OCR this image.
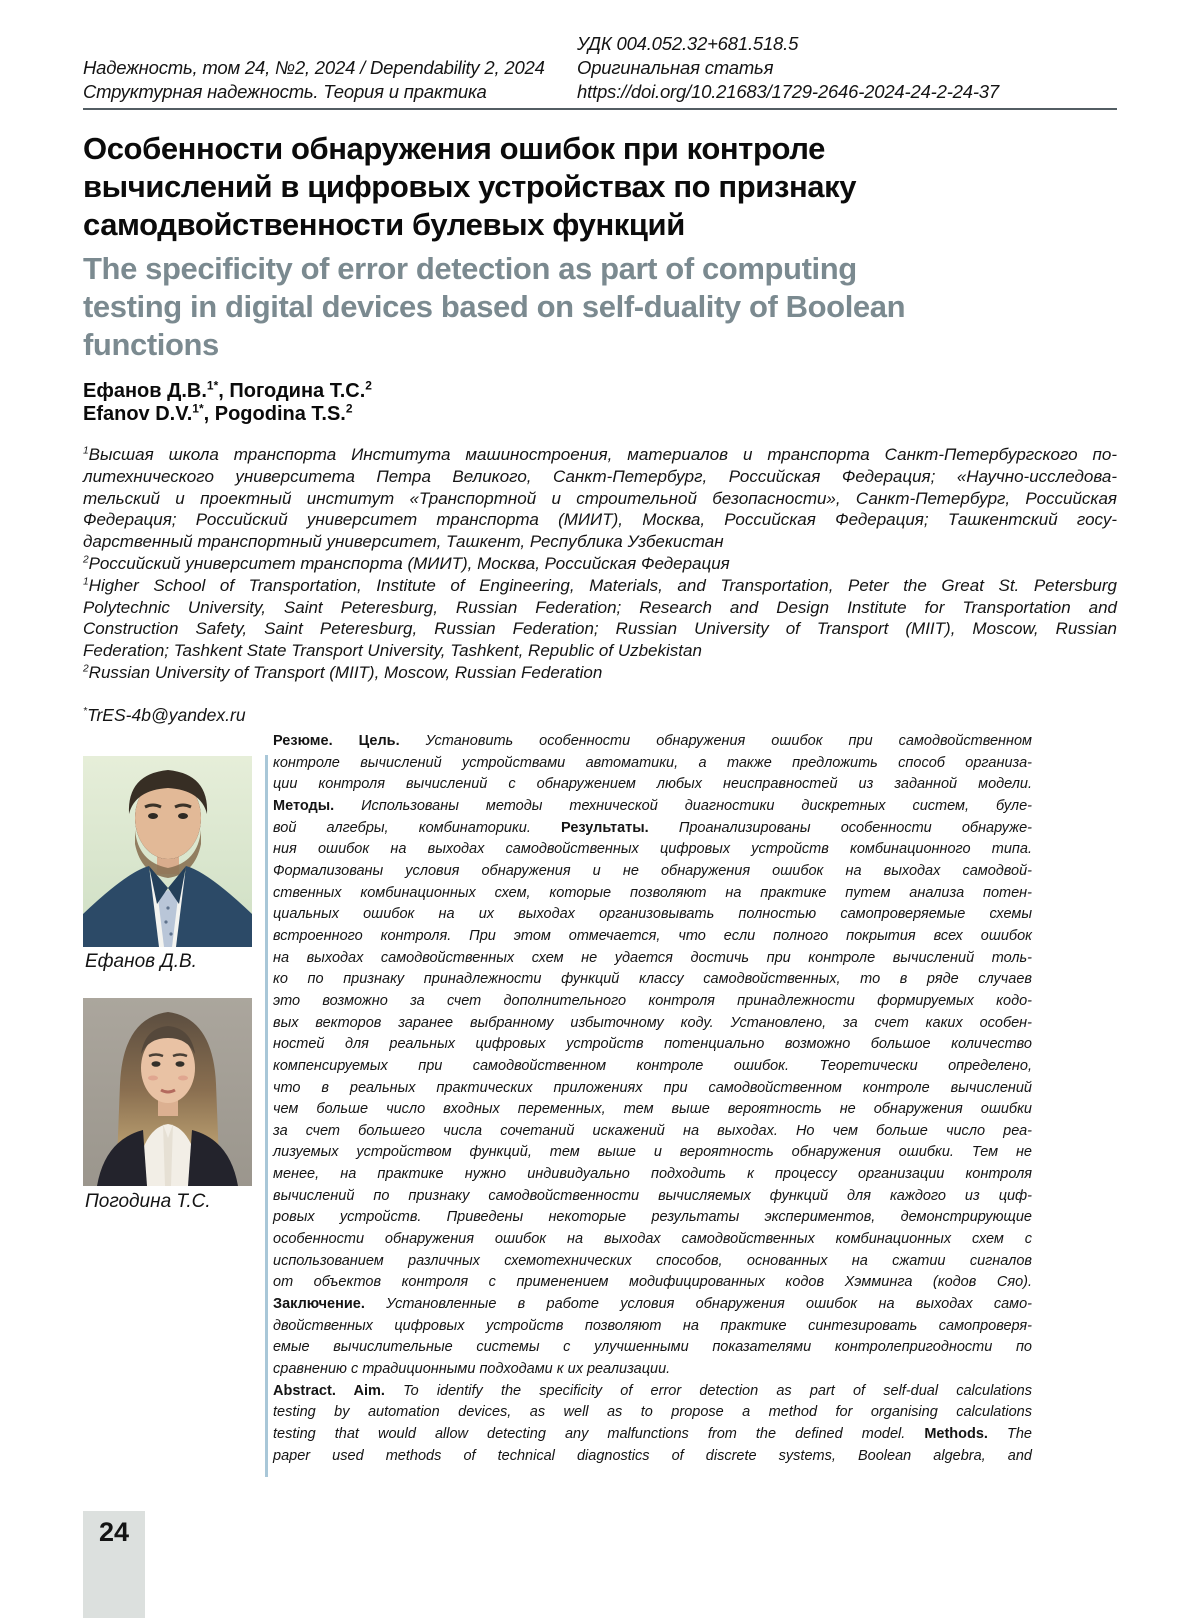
Надежность, том 24, №2, 2024 / Dependability 2, 2024
Структурная надежность. Теория и практика
УДК 004.052.32+681.518.5
Оригинальная статья
https://doi.org/10.21683/1729-2646-2024-24-2-24-37
Особенности обнаружения ошибок при контроле
вычислений в цифровых устройствах по признаку
самодвойственности булевых функций
The specificity of error detection as part of computing
testing in digital devices based on self-duality of Boolean
functions
Ефанов Д.В.$^{1*}$, Погодина Т.С.$^2$
Efanov D.V.$^{1*}$, Pogodina T.S.$^2$
$^1$Высшая школа транспорта Института машиностроения, материалов и транспорта Санкт-Петербургского по-
литехнического университета Петра Великого, Санкт-Петербург, Российская Федерация; «Научно-исследова-
тельский и проектный институт «Транспортной и строительной безопасности», Санкт-Петербург, Российская
Федерация; Российский университет транспорта (МИИТ), Москва, Российская Федерация; Ташкентский госу-
дарственный транспортный университет, Ташкент, Республика Узбекистан
$^2$Российский университет транспорта (МИИТ), Москва, Российская Федерация
$^1$Higher School of Transportation, Institute of Engineering, Materials, and Transportation, Peter the Great St. Petersburg
Polytechnic University, Saint Peteresburg, Russian Federation; Research and Design Institute for Transportation and
Construction Safety, Saint Peteresburg, Russian Federation; Russian University of Transport (MIIT), Moscow, Russian
Federation; Tashkent State Transport University, Tashkent, Republic of Uzbekistan
$^2$Russian University of Transport (MIIT), Moscow, Russian Federation
*TrES-4b@yandex.ru
Ефанов Д.В.
Погодина Т.С.
Резюме. Цель. Установить особенности обнаружения ошибок при самодвойственном
контроле вычислений устройствами автоматики, а также предложить способ организа-
ции контроля вычислений с обнаружением любых неисправностей из заданной модели.
Методы. Использованы методы технической диагностики дискретных систем, буле-
вой алгебры, комбинаторики. Результаты. Проанализированы особенности обнаруже-
ния ошибок на выходах самодвойственных цифровых устройств комбинационного типа.
Формализованы условия обнаружения и не обнаружения ошибок на выходах самодвой-
ственных комбинационных схем, которые позволяют на практике путем анализа потен-
циальных ошибок на их выходах организовывать полностью самопроверяемые схемы
встроенного контроля. При этом отмечается, что если полного покрытия всех ошибок
на выходах самодвойственных схем не удается достичь при контроле вычислений толь-
ко по признаку принадлежности функций классу самодвойственных, то в ряде случаев
это возможно за счет дополнительного контроля принадлежности формируемых кодо-
вых векторов заранее выбранному избыточному коду. Установлено, за счет каких особен-
ностей для реальных цифровых устройств потенциально возможно большое количество
компенсируемых при самодвойственном контроле ошибок. Теоретически определено,
что в реальных практических приложениях при самодвойственном контроле вычислений
чем больше число входных переменных, тем выше вероятность не обнаружения ошибки
за счет большего числа сочетаний искажений на выходах. Но чем больше число реа-
лизуемых устройством функций, тем выше и вероятность обнаружения ошибки. Тем не
менее, на практике нужно индивидуально подходить к процессу организации контроля
вычислений по признаку самодвойственности вычисляемых функций для каждого из циф-
ровых устройств. Приведены некоторые результаты экспериментов, демонстрирующие
особенности обнаружения ошибок на выходах самодвойственных комбинационных схем с
использованием различных схемотехнических способов, основанных на сжатии сигналов
от объектов контроля с применением модифицированных кодов Хэмминга (кодов Сяо).
Заключение. Установленные в работе условия обнаружения ошибок на выходах само-
двойственных цифровых устройств позволяют на практике синтезировать самопроверя-
емые вычислительные системы с улучшенными показателями контролепригодности по
сравнению с традиционными подходами к их реализации.
Abstract. Aim. To identify the specificity of error detection as part of self-dual calculations
testing by automation devices, as well as to propose a method for organising calculations
testing that would allow detecting any malfunctions from the defined model. Methods. The
paper used methods of technical diagnostics of discrete systems, Boolean algebra, and
24
